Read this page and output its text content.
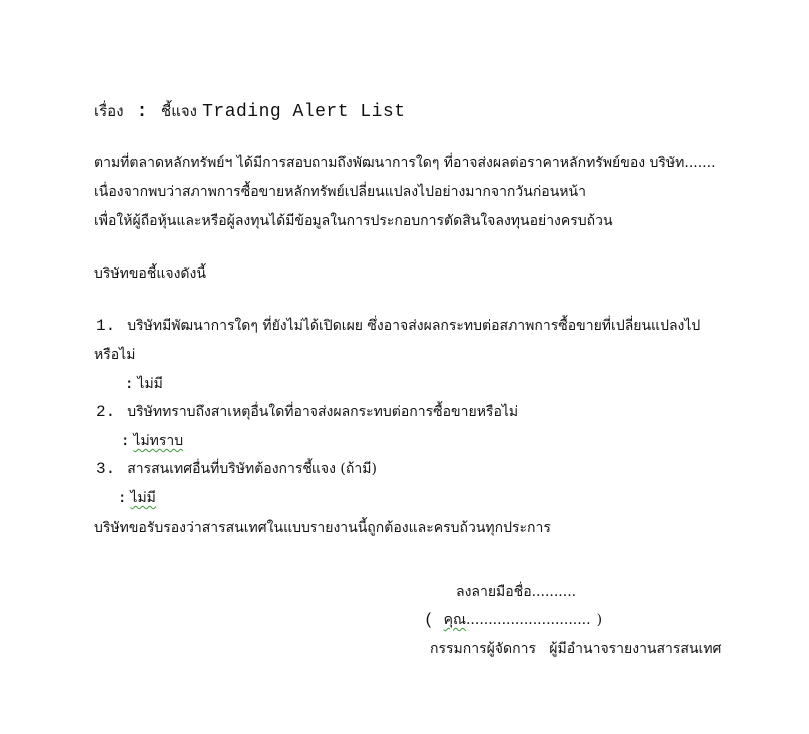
เรื่อง : ชี้แจง Trading Alert List
ตามที่ตลาดหลักทรัพย์ฯ ได้มีการสอบถามถึงพัฒนาการใดๆ ที่อาจส่งผลต่อราคาหลักทรัพย์ของ บริษัท.......
เนื่องจากพบว่าสภาพการซื้อขายหลักทรัพย์เปลี่ยนแปลงไปอย่างมากจากวันก่อนหน้า
เพื่อให้ผู้ถือหุ้นและหรือผู้ลงทุนได้มีข้อมูลในการประกอบการตัดสินใจลงทุนอย่างครบถ้วน
บริษัทขอชี้แจงดังนี้
1. บริษัทมีพัฒนาการใดๆ ที่ยังไม่ได้เปิดเผย ซึ่งอาจส่งผลกระทบต่อสภาพการซื้อขายที่เปลี่ยนแปลงไป
หรือไม่
: ไม่มี
2. บริษัททราบถึงสาเหตุอื่นใดที่อาจส่งผลกระทบต่อการซื้อขายหรือไม่
: ไม่ทราบ
3. สารสนเทศอื่นที่บริษัทต้องการชี้แจง (ถ้ามี)
: ไม่มี
บริษัทขอรับรองว่าสารสนเทศในแบบรายงานนี้ถูกต้องและครบถ้วนทุกประการ
ลงลายมือชื่อ..........
( คุณ............................ )
กรรมการผู้จัดการ   ผู้มีอำนาจรายงานสารสนเทศ
